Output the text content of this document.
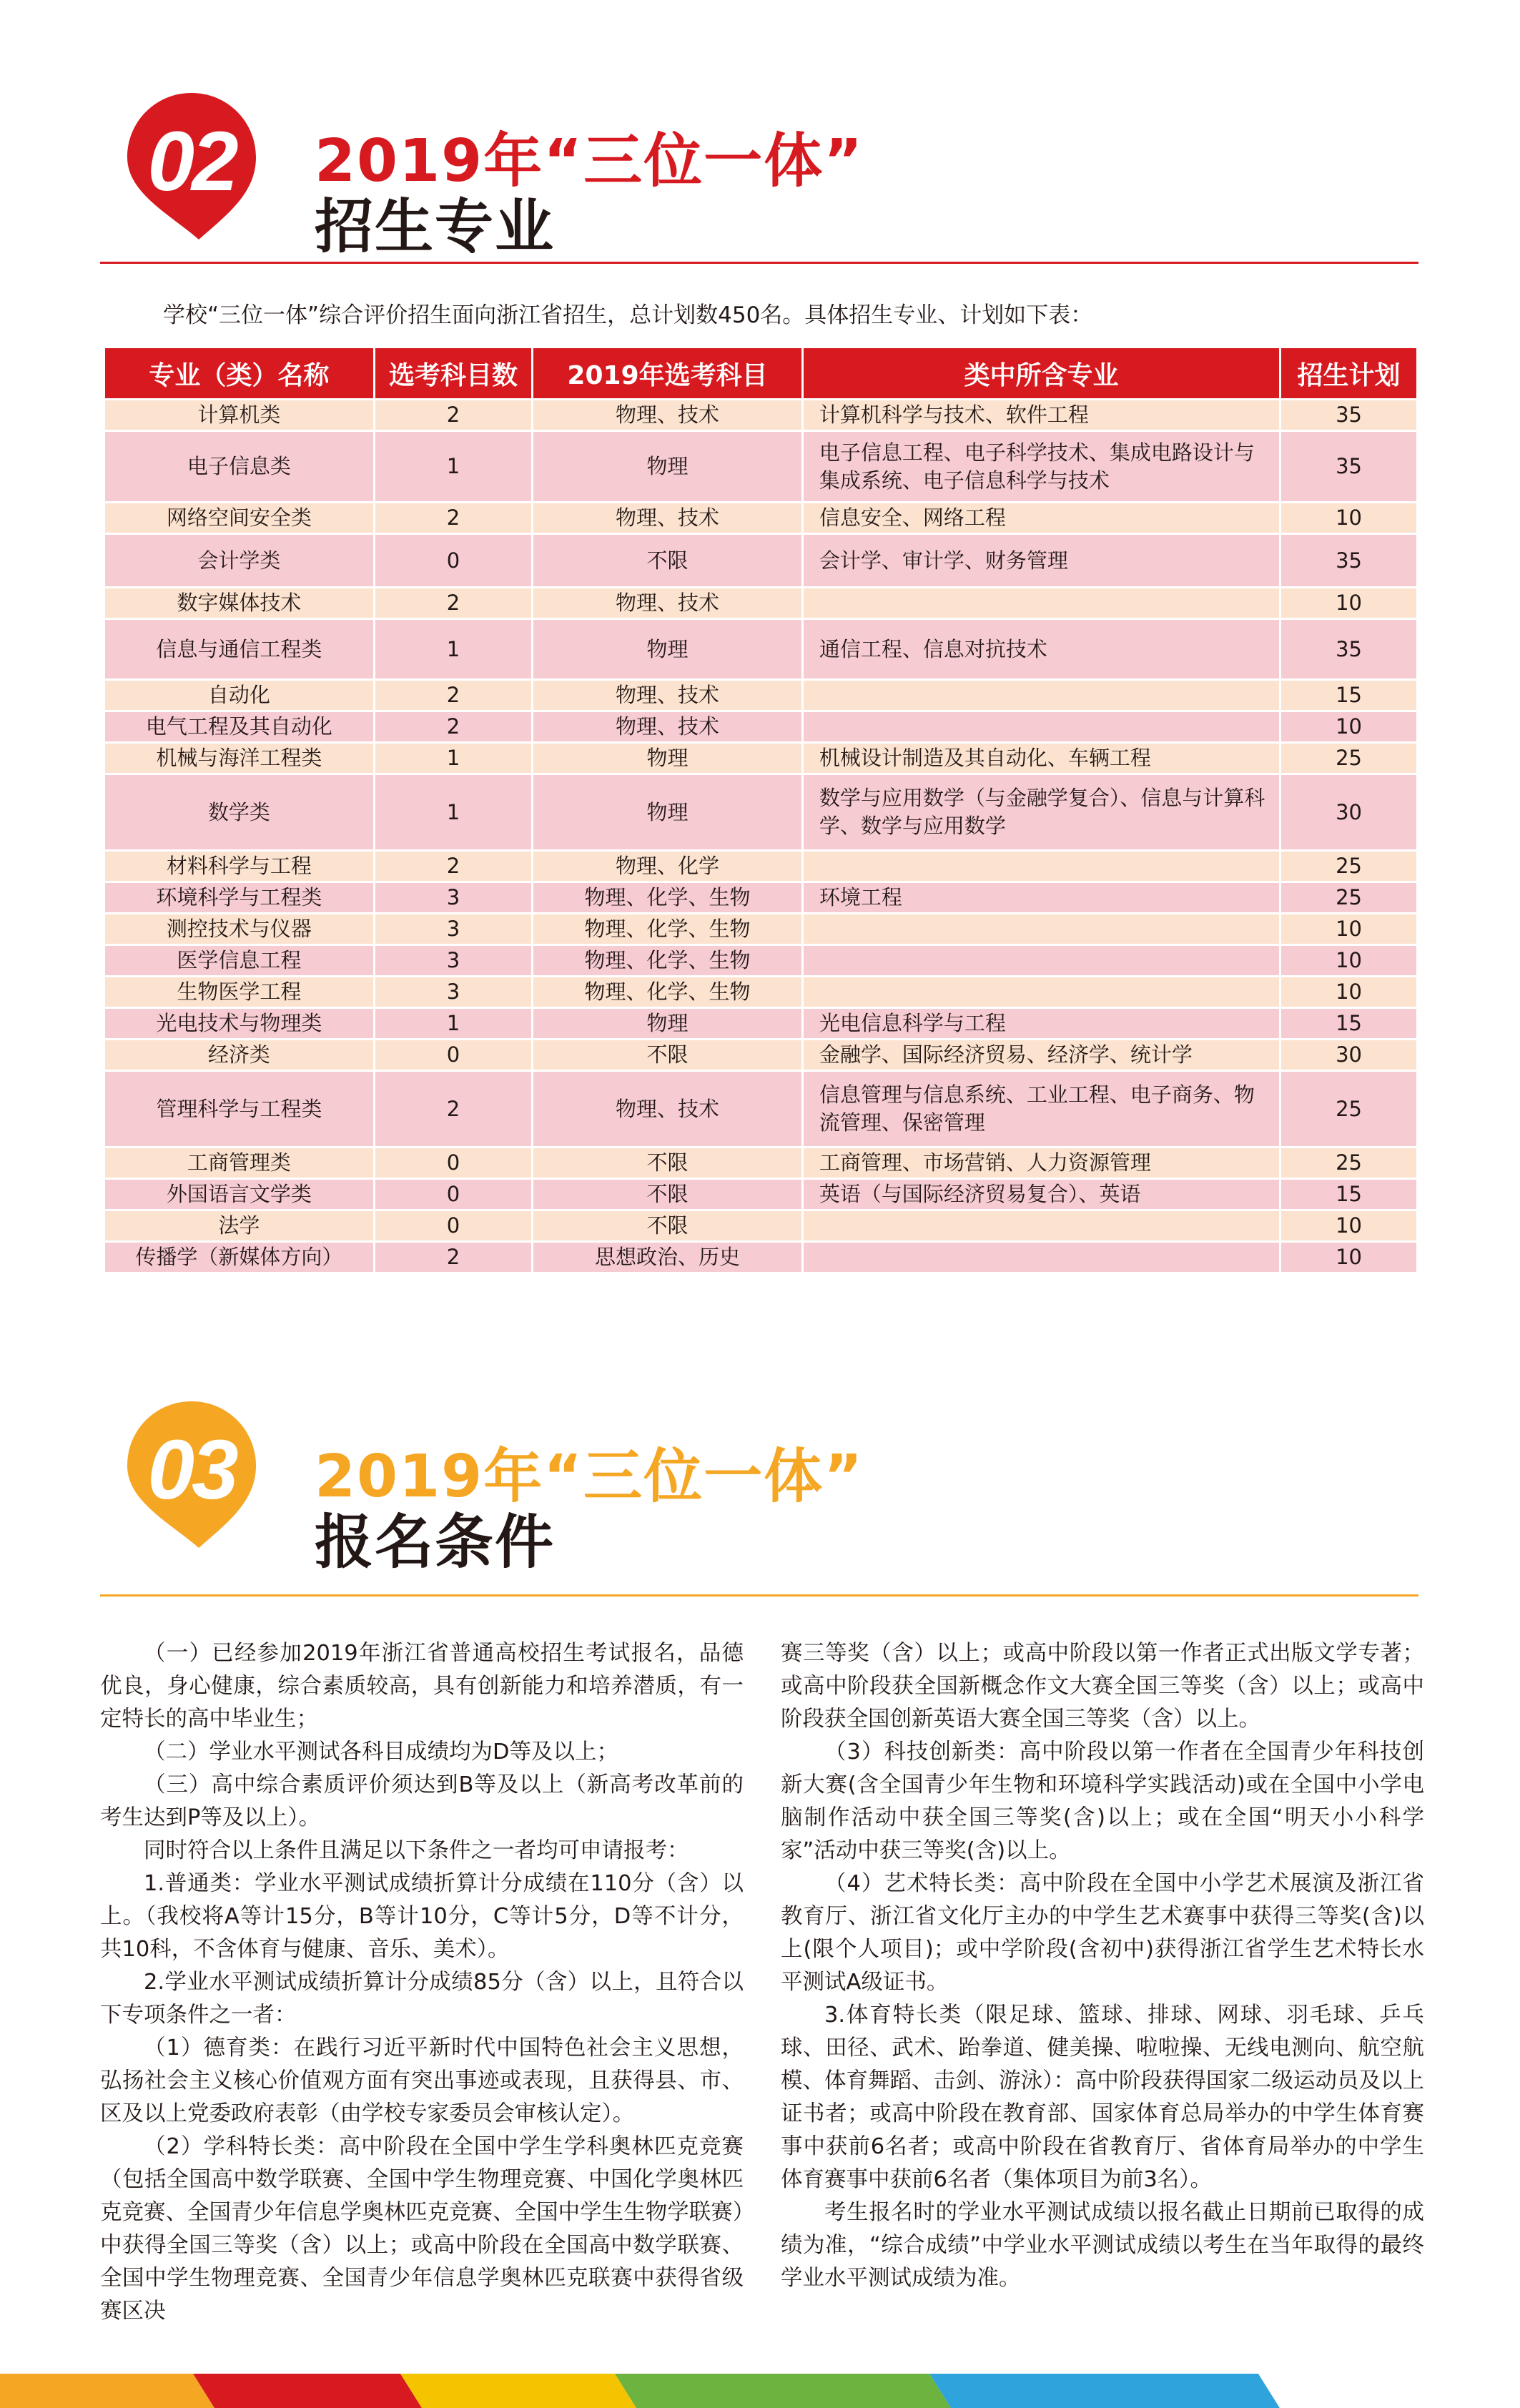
02	2019年“三位一体”
招生专业
学校“三位一体”综合评价招生面向浙江省招生，总计划数450名。具体招生专业、计划如下表：
专业（类）名称	选考科目数	2019年选考科目	类中所含专业	招生计划
计算机类	2	物理、技术	计算机科学与技术、软件工程	35
电子信息类	1	物理	电子信息工程、电子科学技术、集成电路设计与集成系统、电子信息科学与技术	35
网络空间安全类	2	物理、技术	信息安全、网络工程	10
会计学类	0	不限	会计学、审计学、财务管理	35
数字媒体技术	2	物理、技术		10
信息与通信工程类	1	物理	通信工程、信息对抗技术	35
自动化	2	物理、技术		15
电气工程及其自动化	2	物理、技术		10
机械与海洋工程类	1	物理	机械设计制造及其自动化、车辆工程	25
数学类	1	物理	数学与应用数学（与金融学复合）、信息与计算科学、数学与应用数学	30
材料科学与工程	2	物理、化学		25
环境科学与工程类	3	物理、化学、生物	环境工程	25
测控技术与仪器	3	物理、化学、生物		10
医学信息工程	3	物理、化学、生物		10
生物医学工程	3	物理、化学、生物		10
光电技术与物理类	1	物理	光电信息科学与工程	15
经济类	0	不限	金融学、国际经济贸易、经济学、统计学	30
管理科学与工程类	2	物理、技术	信息管理与信息系统、工业工程、电子商务、物流管理、保密管理	25
工商管理类	0	不限	工商管理、市场营销、人力资源管理	25
外国语言文学类	0	不限	英语（与国际经济贸易复合）、英语	15
法学	0	不限		10
传播学（新媒体方向）	2	思想政治、历史		10
03	2019年“三位一体”
报名条件

（一）已经参加2019年浙江省普通高校招生考试报名，品德优良，身心健康，综合素质较高，具有创新能力和培养潜质，有一定特长的高中毕业生；

（二）学业水平测试各科目成绩均为D等及以上；

（三）高中综合素质评价须达到B等及以上（新高考改革前的考生达到P等及以上）。

同时符合以上条件且满足以下条件之一者均可申请报考：

1.普通类：学业水平测试成绩折算计分成绩在110分（含）以上。（我校将A等计15分，B等计10分，C等计5分，D等不计分，共10科，不含体育与健康、音乐、美术）。

2.学业水平测试成绩折算计分成绩85分（含）以上，且符合以下专项条件之一者：

（1）德育类：在践行习近平新时代中国特色社会主义思想，弘扬社会主义核心价值观方面有突出事迹或表现，且获得县、市、区及以上党委政府表彰（由学校专家委员会审核认定）。

（2）学科特长类：高中阶段在全国中学生学科奥林匹克竞赛（包括全国高中数学联赛、全国中学生物理竞赛、中国化学奥林匹克竞赛、全国青少年信息学奥林匹克竞赛、全国中学生生物学联赛）中获得全国三等奖（含）以上；或高中阶段在全国高中数学联赛、全国中学生物理竞赛、全国青少年信息学奥林匹克联赛中获得省级赛区决

赛三等奖（含）以上；或高中阶段以第一作者正式出版文学专著；或高中阶段获全国新概念作文大赛全国三等奖（含）以上；或高中阶段获全国创新英语大赛全国三等奖（含）以上。

（3）科技创新类：高中阶段以第一作者在全国青少年科技创新大赛(含全国青少年生物和环境科学实践活动)或在全国中小学电脑制作活动中获全国三等奖(含)以上；或在全国“明天小小科学家”活动中获三等奖(含)以上。

（4）艺术特长类：高中阶段在全国中小学艺术展演及浙江省教育厅、浙江省文化厅主办的中学生艺术赛事中获得三等奖(含)以上(限个人项目)；或中学阶段(含初中)获得浙江省学生艺术特长水平测试A级证书。

3.体育特长类（限足球、篮球、排球、网球、羽毛球、乒乓球、田径、武术、跆拳道、健美操、啦啦操、无线电测向、航空航模、体育舞蹈、击剑、游泳）：高中阶段获得国家二级运动员及以上证书者；或高中阶段在教育部、国家体育总局举办的中学生体育赛事中获前6名者；或高中阶段在省教育厅、省体育局举办的中学生体育赛事中获前6名者（集体项目为前3名）。

考生报名时的学业水平测试成绩以报名截止日期前已取得的成绩为准，“综合成绩”中学业水平测试成绩以考生在当年取得的最终学业水平测试成绩为准。
